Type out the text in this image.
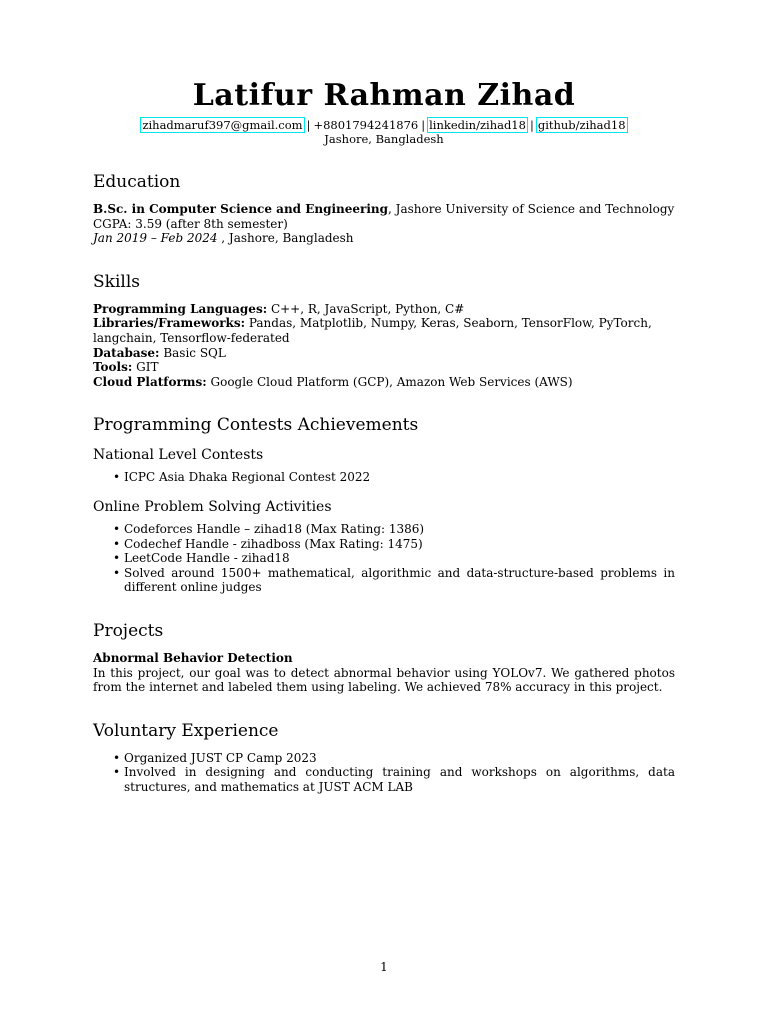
Latifur Rahman Zihad
zihadmaruf397@gmail.com | +8801794241876 | linkedin/zihad18 | github/zihad18
Jashore, Bangladesh
Education
B.Sc. in Computer Science and Engineering, Jashore University of Science and Technology
CGPA: 3.59 (after 8th semester)
Jan 2019 – Feb 2024 , Jashore, Bangladesh
Skills
Programming Languages: C++, R, JavaScript, Python, C#
Libraries/Frameworks: Pandas, Matplotlib, Numpy, Keras, Seaborn, TensorFlow, PyTorch, langchain, Tensorflow-federated
Database: Basic SQL
Tools: GIT
Cloud Platforms: Google Cloud Platform (GCP), Amazon Web Services (AWS)
Programming Contests Achievements
National Level Contests
• ICPC Asia Dhaka Regional Contest 2022
Online Problem Solving Activities
• Codeforces Handle – zihad18 (Max Rating: 1386)
• Codechef Handle - zihadboss (Max Rating: 1475)
• LeetCode Handle - zihad18
• Solved around 1500+ mathematical, algorithmic and data-structure-based problems in different online judges
Projects
Abnormal Behavior Detection
In this project, our goal was to detect abnormal behavior using YOLOv7. We gathered photos from the internet and labeled them using labeling. We achieved 78% accuracy in this project.
Voluntary Experience
• Organized JUST CP Camp 2023
• Involved in designing and conducting training and workshops on algorithms, data structures, and mathematics at JUST ACM LAB
1
